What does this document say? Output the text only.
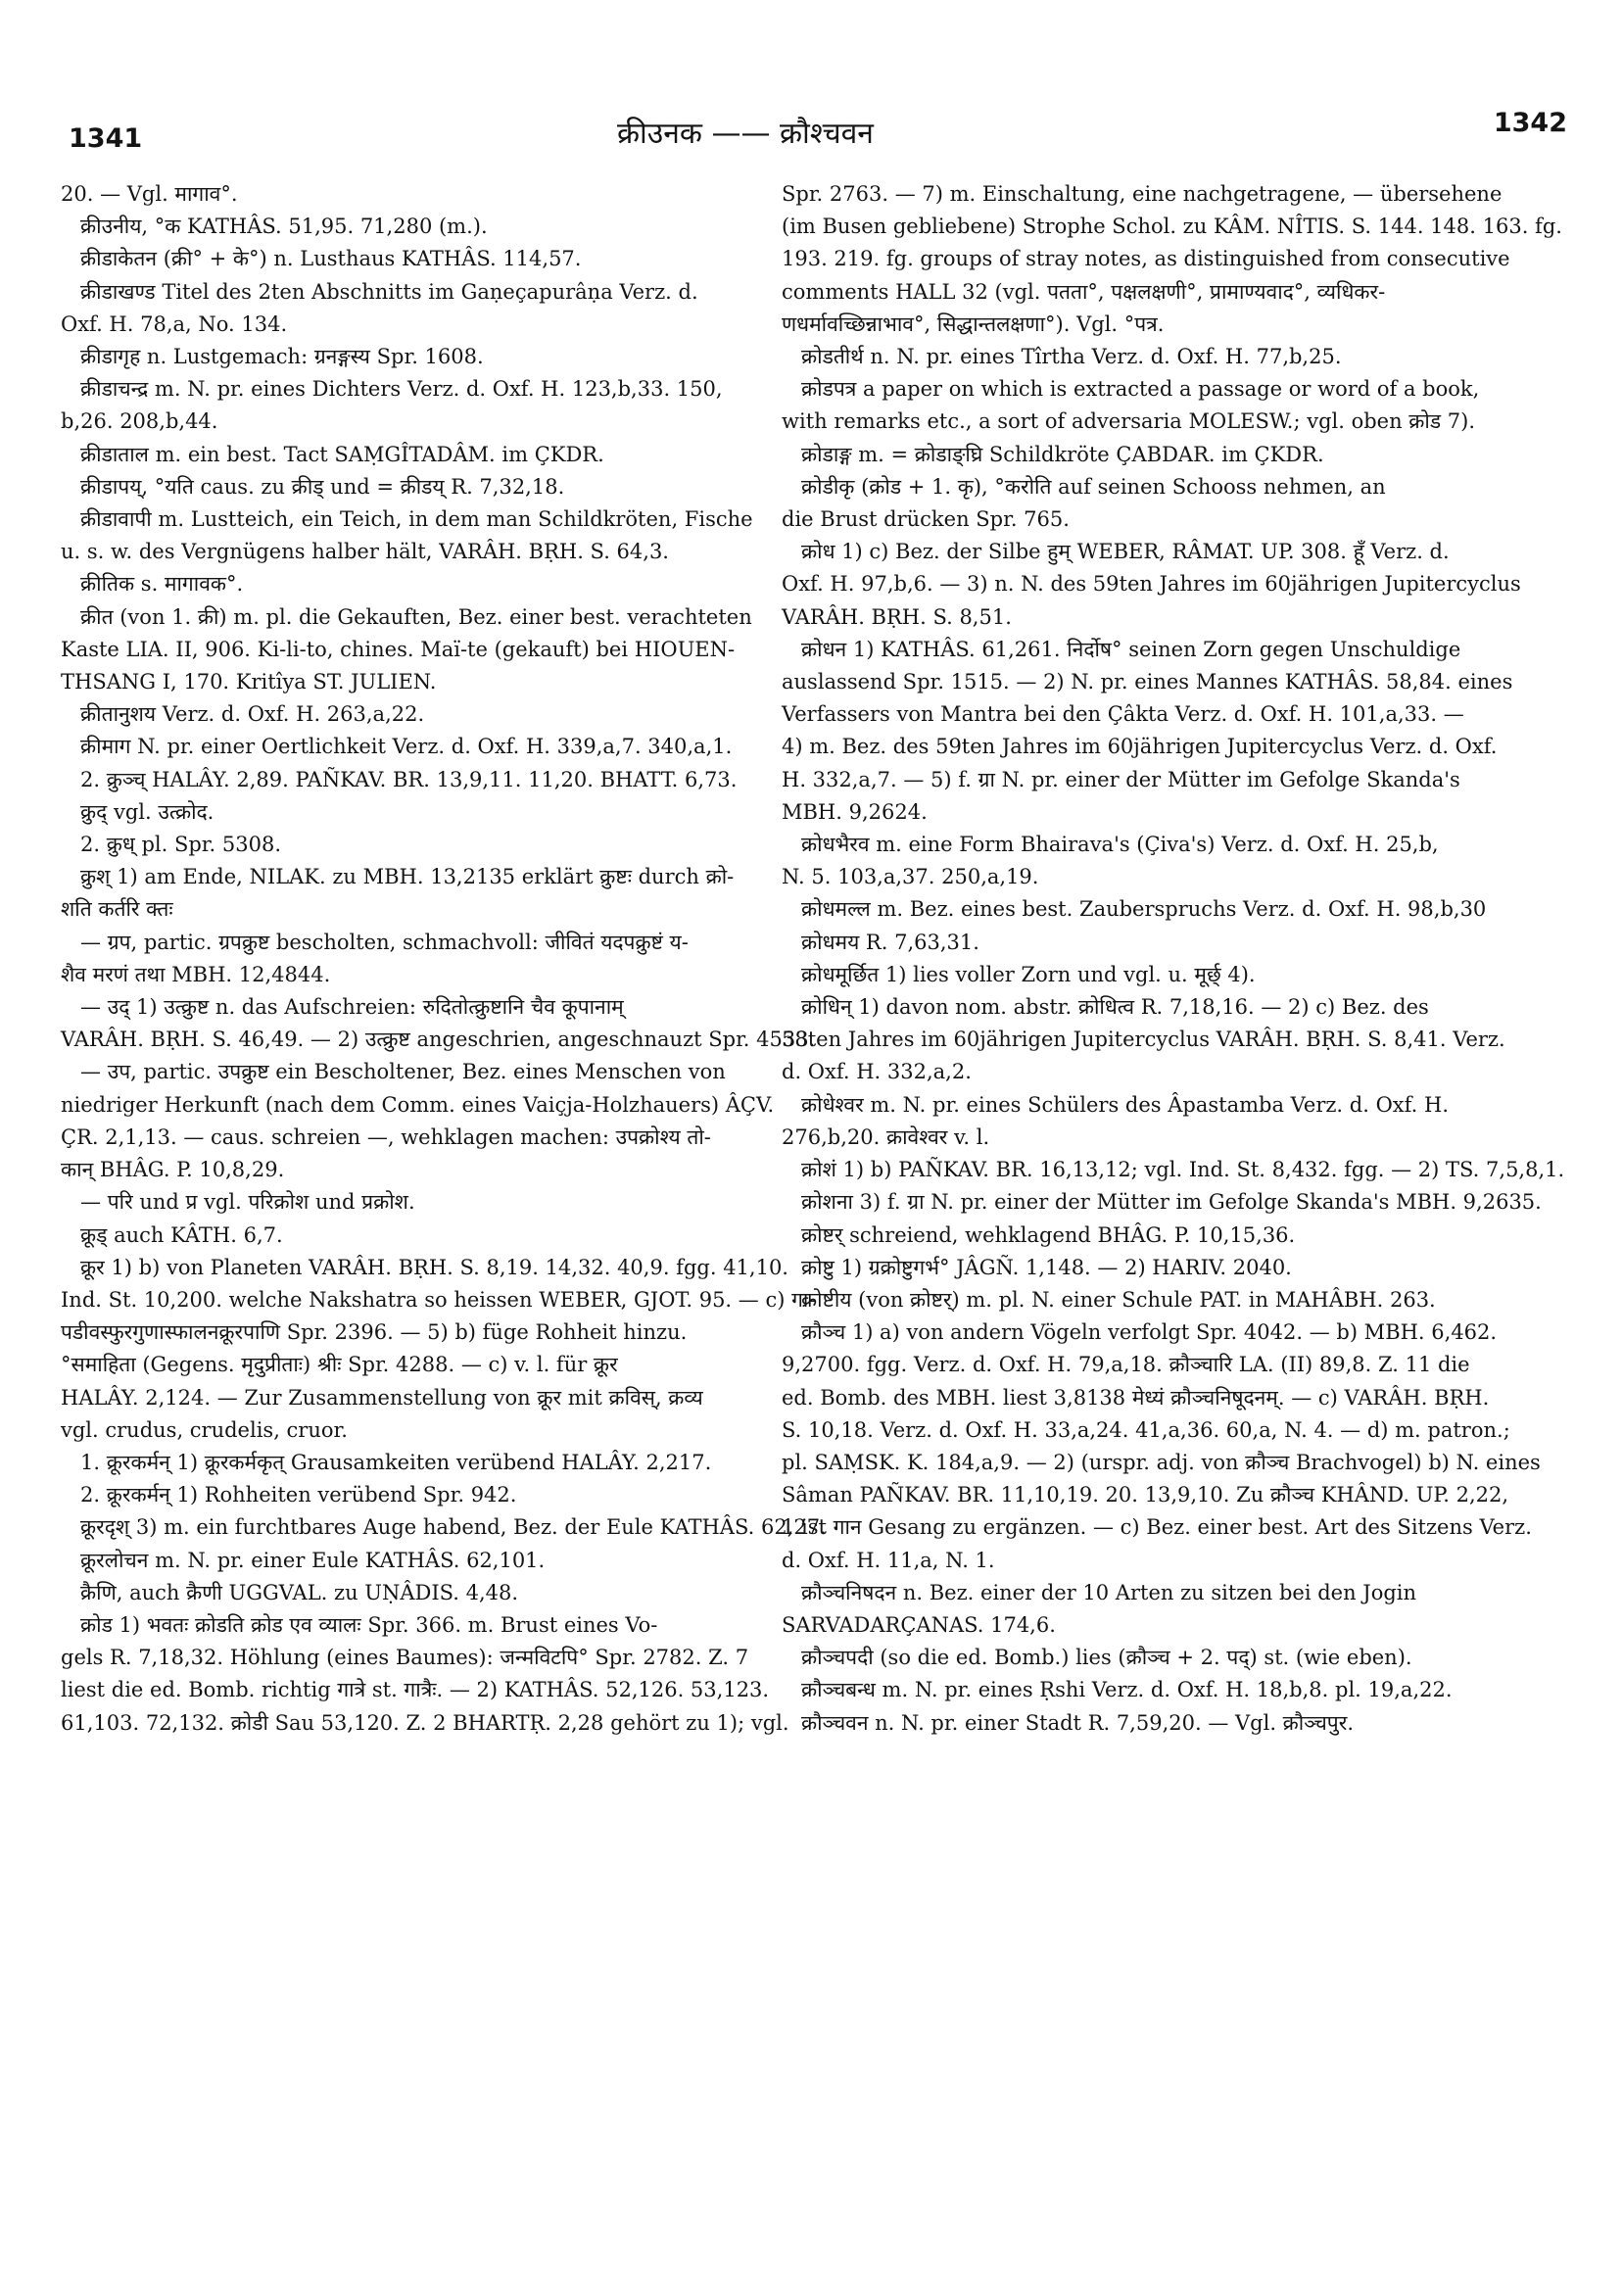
1341	क्रीउनक —— क्रौश्चवन	1342
20. — Vgl. मागाव°.
क्रीउनीय, °क KATHÂS. 51,95. 71,280 (m.).
क्रीडाकेतन (क्री° + के°) n. Lusthaus KATHÂS. 114,57.
क्रीडाखण्ड Titel des 2ten Abschnitts im Gaṇeçapurâṇa Verz. d.
Oxf. H. 78,a, No. 134.
क्रीडागृह n. Lustgemach: ग्रनङ्गस्य Spr. 1608.
क्रीडाचन्द्र m. N. pr. eines Dichters Verz. d. Oxf. H. 123,b,33. 150,
b,26. 208,b,44.
क्रीडाताल m. ein best. Tact SAṂGÎTADÂM. im ÇKDR.
क्रीडापय्, °यति caus. zu क्रीड् und = क्रीडय् R. 7,32,18.
क्रीडावापी m. Lustteich, ein Teich, in dem man Schildkröten, Fische
u. s. w. des Vergnügens halber hält, VARÂH. BṚH. S. 64,3.
क्रीतिक s. मागावक°.
क्रीत (von 1. क्री) m. pl. die Gekauften, Bez. einer best. verachteten
Kaste LIA. II, 906. Ki-li-to, chines. Maï-te (gekauft) bei HIOUEN-
THSANG I, 170. Kritîya ST. JULIEN.
क्रीतानुशय Verz. d. Oxf. H. 263,a,22.
क्रीमाग N. pr. einer Oertlichkeit Verz. d. Oxf. H. 339,a,7. 340,a,1.
2. क्रुञ्च् HALÂY. 2,89. PAÑKAV. BR. 13,9,11. 11,20. BHATT. 6,73.
क्रुद् vgl. उत्क्रोद.
2. क्रुध् pl. Spr. 5308.
क्रुश् 1) am Ende, NILAK. zu MBH. 13,2135 erklärt क्रुष्टः durch क्रो-
शति कर्तरि क्तः
— ग्रप, partic. ग्रपक्रुष्ट bescholten, schmachvoll: जीवितं यदपक्रुष्टं य-
शैव मरणं तथा MBH. 12,4844.
— उद् 1) उत्क्रुष्ट n. das Aufschreien: रुदितोत्क्रुष्टानि चैव कूपानाम्
VARÂH. BṚH. S. 46,49. — 2) उत्क्रुष्ट angeschrien, angeschnauzt Spr. 4533.
— उप, partic. उपक्रुष्ट ein Bescholtener, Bez. eines Menschen von
niedriger Herkunft (nach dem Comm. eines Vaiçja-Holzhauers) ÂÇV.
ÇR. 2,1,13. — caus. schreien —, wehklagen machen: उपक्रोश्य तो-
कान् BHÂG. P. 10,8,29.
— परि und प्र vgl. परिक्रोश und प्रक्रोश.
क्रूड् auch KÂTH. 6,7.
क्रूर 1) b) von Planeten VARÂH. BṚH. S. 8,19. 14,32. 40,9. fgg. 41,10.
Ind. St. 10,200. welche Nakshatra so heissen WEBER, GJOT. 95. — c) गा-
पडीवस्फुरगुणास्फालनक्रूरपाणि Spr. 2396. — 5) b) füge Rohheit hinzu.
°समाहिता (Gegens. मृदुप्रीताः) श्रीः Spr. 4288. — c) v. l. für क्रूर
HALÂY. 2,124. — Zur Zusammenstellung von क्रूर mit क्रविस्, क्रव्य
vgl. crudus, crudelis, cruor.
1. क्रूरकर्मन् 1) क्रूरकर्मकृत् Grausamkeiten verübend HALÂY. 2,217.
2. क्रूरकर्मन् 1) Rohheiten verübend Spr. 942.
क्रूरदृश् 3) m. ein furchtbares Auge habend, Bez. der Eule KATHÂS. 62,27.
क्रूरलोचन m. N. pr. einer Eule KATHÂS. 62,101.
क्रैणि, auch क्रैणी UGGVAL. zu UṆÂDIS. 4,48.
क्रोड 1) भवतः क्रोडति क्रोड एव व्यालः Spr. 366. m. Brust eines Vo-
gels R. 7,18,32. Höhlung (eines Baumes): जन्मविटपि° Spr. 2782. Z. 7
liest die ed. Bomb. richtig गात्रे st. गात्रैः. — 2) KATHÂS. 52,126. 53,123.
61,103. 72,132. क्रोडी Sau 53,120. Z. 2 BHARTṚ. 2,28 gehört zu 1); vgl.
Spr. 2763. — 7) m. Einschaltung, eine nachgetragene, — übersehene
(im Busen gebliebene) Strophe Schol. zu KÂM. NÎTIS. S. 144. 148. 163. fg.
193. 219. fg. groups of stray notes, as distinguished from consecutive
comments HALL 32 (vgl. पतता°, पक्षलक्षणी°, प्रामाण्यवाद°, व्यधिकर-
णधर्मावच्छिन्नाभाव°, सिद्धान्तलक्षणा°). Vgl. °पत्र.
क्रोडतीर्थ n. N. pr. eines Tîrtha Verz. d. Oxf. H. 77,b,25.
क्रोडपत्र a paper on which is extracted a passage or word of a book,
with remarks etc., a sort of adversaria MOLESW.; vgl. oben क्रोड 7).
क्रोडाङ्ग m. = क्रोडाङ्घ्रि Schildkröte ÇABDAR. im ÇKDR.
क्रोडीकृ (क्रोड + 1. कृ), °करोति auf seinen Schooss nehmen, an
die Brust drücken Spr. 765.
क्रोध 1) c) Bez. der Silbe हुम् WEBER, RÂMAT. UP. 308. हूँ Verz. d.
Oxf. H. 97,b,6. — 3) n. N. des 59ten Jahres im 60jährigen Jupitercyclus
VARÂH. BṚH. S. 8,51.
क्रोधन 1) KATHÂS. 61,261. निर्दोष° seinen Zorn gegen Unschuldige
auslassend Spr. 1515. — 2) N. pr. eines Mannes KATHÂS. 58,84. eines
Verfassers von Mantra bei den Çâkta Verz. d. Oxf. H. 101,a,33. —
4) m. Bez. des 59ten Jahres im 60jährigen Jupitercyclus Verz. d. Oxf.
H. 332,a,7. — 5) f. ग्रा N. pr. einer der Mütter im Gefolge Skanda's
MBH. 9,2624.
क्रोधभैरव m. eine Form Bhairava's (Çiva's) Verz. d. Oxf. H. 25,b,
N. 5. 103,a,37. 250,a,19.
क्रोधमल्ल m. Bez. eines best. Zauberspruchs Verz. d. Oxf. H. 98,b,30
क्रोधमय R. 7,63,31.
क्रोधमूर्छित 1) lies voller Zorn und vgl. u. मूर्छ् 4).
क्रोधिन् 1) davon nom. abstr. क्रोधित्व R. 7,18,16. — 2) c) Bez. des
58ten Jahres im 60jährigen Jupitercyclus VARÂH. BṚH. S. 8,41. Verz.
d. Oxf. H. 332,a,2.
क्रोधेश्वर m. N. pr. eines Schülers des Âpastamba Verz. d. Oxf. H.
276,b,20. क्रावेश्वर v. l.
क्रोशं 1) b) PAÑKAV. BR. 16,13,12; vgl. Ind. St. 8,432. fgg. — 2) TS. 7,5,8,1.
क्रोशना 3) f. ग्रा N. pr. einer der Mütter im Gefolge Skanda's MBH. 9,2635.
क्रोष्टर् schreiend, wehklagend BHÂG. P. 10,15,36.
क्रोष्टु 1) ग्रक्रोष्टुगर्भ° JÂGÑ. 1,148. — 2) HARIV. 2040.
क्रोष्टीय (von क्रोष्टर्) m. pl. N. einer Schule PAT. in MAHÂBH. 263.
क्रौञ्च 1) a) von andern Vögeln verfolgt Spr. 4042. — b) MBH. 6,462.
9,2700. fgg. Verz. d. Oxf. H. 79,a,18. क्रौञ्चारि LA. (II) 89,8. Z. 11 die
ed. Bomb. des MBH. liest 3,8138 मेध्यं क्रौञ्चनिषूदनम्. — c) VARÂH. BṚH.
S. 10,18. Verz. d. Oxf. H. 33,a,24. 41,a,36. 60,a, N. 4. — d) m. patron.;
pl. SAṂSK. K. 184,a,9. — 2) (urspr. adj. von क्रौञ्च Brachvogel) b) N. eines
Sâman PAÑKAV. BR. 11,10,19. 20. 13,9,10. Zu क्रौञ्च KHÂND. UP. 2,22,
1 ist गान Gesang zu ergänzen. — c) Bez. einer best. Art des Sitzens Verz.
d. Oxf. H. 11,a, N. 1.
क्रौञ्चनिषदन n. Bez. einer der 10 Arten zu sitzen bei den Jogin
SARVADARÇANAS. 174,6.
क्रौञ्चपदी (so die ed. Bomb.) lies (क्रौञ्च + 2. पद्) st. (wie eben).
क्रौञ्चबन्ध m. N. pr. eines Ṛshi Verz. d. Oxf. H. 18,b,8. pl. 19,a,22.
क्रौञ्चवन n. N. pr. einer Stadt R. 7,59,20. — Vgl. क्रौञ्चपुर.
